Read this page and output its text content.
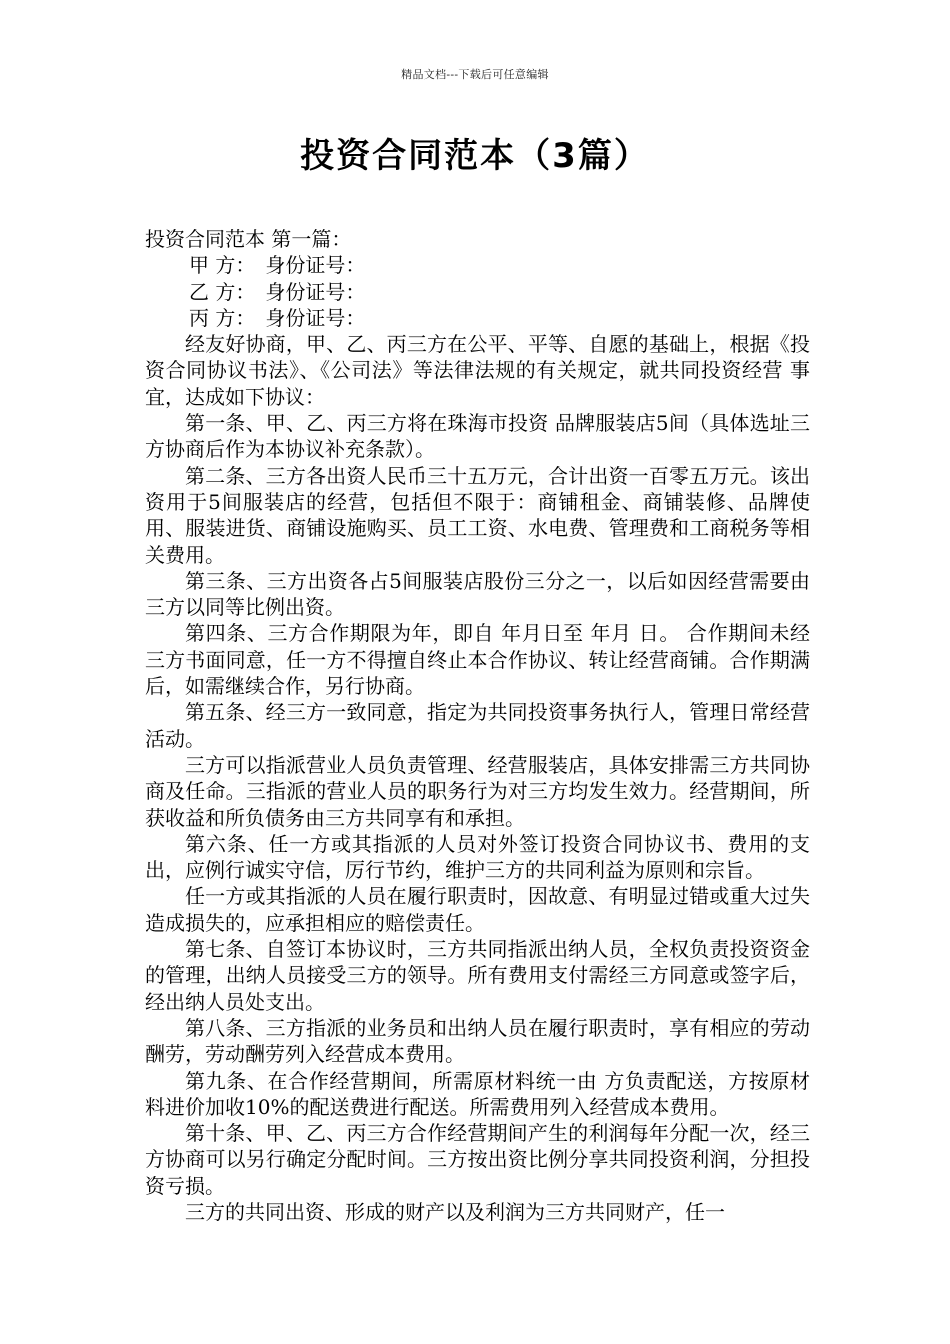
精品文档---下载后可任意编辑
投资合同范本（3篇）

投资合同范本 第一篇：

甲 方：　身份证号：

乙 方：　身份证号：

丙 方：　身份证号：

经友好协商，甲、乙、丙三方在公平、平等、自愿的基础上，根据《投资合同协议书法》、《公司法》等法律法规的有关规定，就共同投资经营 事宜，达成如下协议：

第一条、甲、乙、丙三方将在珠海市投资 品牌服装店5间（具体选址三方协商后作为本协议补充条款）。

第二条、三方各出资人民币三十五万元，合计出资一百零五万元。该出资用于5间服装店的经营，包括但不限于：商铺租金、商铺装修、品牌使用、服装进货、商铺设施购买、员工工资、水电费、管理费和工商税务等相关费用。

第三条、三方出资各占5间服装店股份三分之一，以后如因经营需要由三方以同等比例出资。

第四条、三方合作期限为年，即自 年月日至 年月 日。 合作期间未经三方书面同意，任一方不得擅自终止本合作协议、转让经营商铺。合作期满后，如需继续合作，另行协商。

第五条、经三方一致同意，指定为共同投资事务执行人，管理日常经营活动。

三方可以指派营业人员负责管理、经营服装店，具体安排需三方共同协商及任命。三指派的营业人员的职务行为对三方均发生效力。经营期间，所获收益和所负债务由三方共同享有和承担。

第六条、任一方或其指派的人员对外签订投资合同协议书、费用的支出，应例行诚实守信，厉行节约，维护三方的共同利益为原则和宗旨。

任一方或其指派的人员在履行职责时，因故意、有明显过错或重大过失造成损失的，应承担相应的赔偿责任。

第七条、自签订本协议时，三方共同指派出纳人员，全权负责投资资金的管理，出纳人员接受三方的领导。所有费用支付需经三方同意或签字后，经出纳人员处支出。

第八条、三方指派的业务员和出纳人员在履行职责时，享有相应的劳动酬劳，劳动酬劳列入经营成本费用。

第九条、在合作经营期间，所需原材料统一由 方负责配送，方按原材料进价加收10%的配送费进行配送。所需费用列入经营成本费用。

第十条、甲、乙、丙三方合作经营期间产生的利润每年分配一次，经三方协商可以另行确定分配时间。三方按出资比例分享共同投资利润，分担投资亏损。

三方的共同出资、形成的财产以及利润为三方共同财产，任一
